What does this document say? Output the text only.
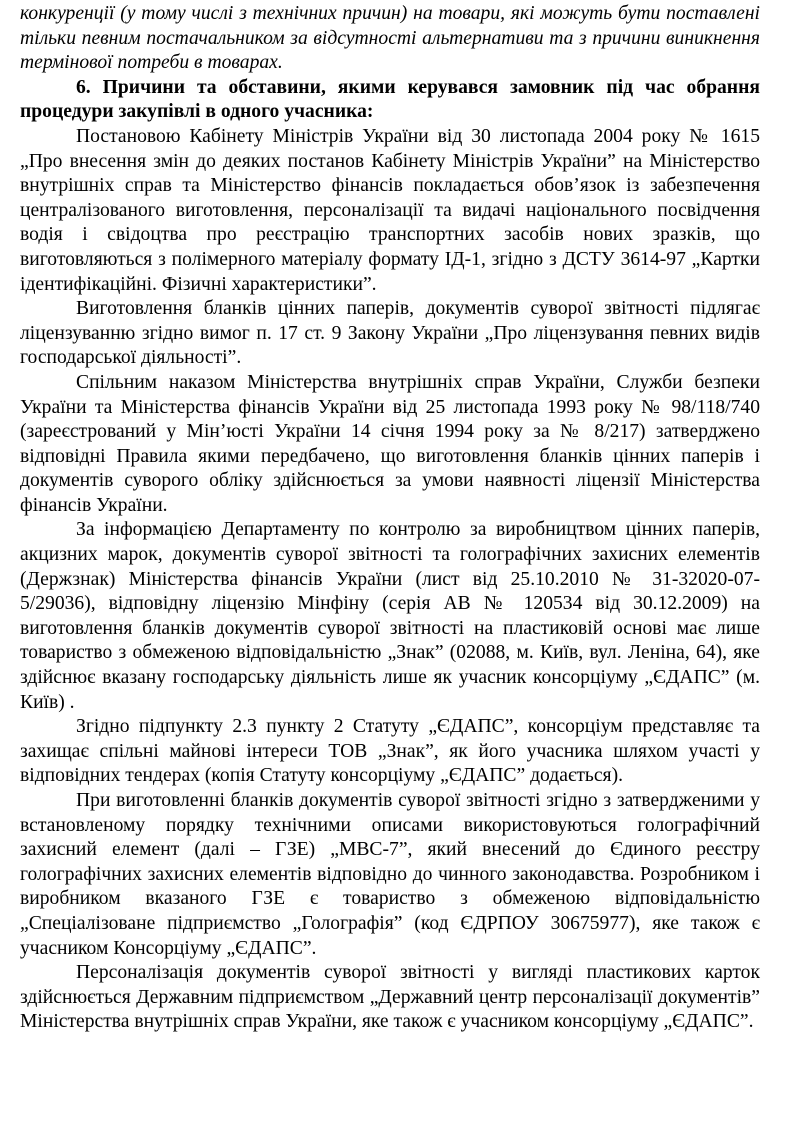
конкуренції (у тому числі з технічних причин) на товари, які можуть бути поставлені тільки певним постачальником за відсутності альтернативи та з причини виникнення термінової потреби в товарах.

6. Причини та обставини, якими керувався замовник під час обрання процедури закупівлі в одного учасника:

Постановою Кабінету Міністрів України від 30 листопада 2004 року № 1615 „Про внесення змін до деяких постанов Кабінету Міністрів України” на Міністерство внутрішніх справ та Міністерство фінансів покладається обов’язок із забезпечення централізованого виготовлення, персоналізації та видачі національного посвідчення водія і свідоцтва про реєстрацію транспортних засобів нових зразків, що виготовляються з полімерного матеріалу формату ІД-1, згідно з ДСТУ 3614-97 „Картки ідентифікаційні. Фізичні характеристики”.

Виготовлення бланків цінних паперів, документів суворої звітності підлягає ліцензуванню згідно вимог п. 17 ст. 9 Закону України „Про ліцензування певних видів господарської діяльності”.

Спільним наказом Міністерства внутрішніх справ України, Служби безпеки України та Міністерства фінансів України від 25 листопада 1993 року № 98/118/740 (зареєстрований у Мін’юсті України 14 січня 1994 року за № 8/217) затверджено відповідні Правила якими передбачено, що виготовлення бланків цінних паперів і документів суворого обліку здійснюється за умови наявності ліцензії Міністерства фінансів України.

За інформацією Департаменту по контролю за виробництвом цінних паперів, акцизних марок, документів суворої звітності та голографічних захисних елементів (Держзнак) Міністерства фінансів України (лист від 25.10.2010 № 31-32020-07-5/29036), відповідну ліцензію Мінфіну (серія АВ № 120534 від 30.12.2009) на виготовлення бланків документів суворої звітності на пластиковій основі має лише товариство з обмеженою відповідальністю „Знак” (02088, м. Київ, вул. Леніна, 64), яке здійснює вказану господарську діяльність лише як учасник консорціуму „ЄДАПС” (м. Київ) .

Згідно підпункту 2.3 пункту 2 Статуту „ЄДАПС”, консорціум представляє та захищає спільні майнові інтереси ТОВ „Знак”, як його учасника шляхом участі у відповідних тендерах (копія Статуту консорціуму „ЄДАПС” додається).

При виготовленні бланків документів суворої звітності згідно з затвердженими у встановленому порядку технічними описами використовуються голографічний захисний елемент (далі – ГЗЕ) „МВС-7”, який внесений до Єдиного реєстру голографічних захисних елементів відповідно до чинного законодавства. Розробником і виробником вказаного ГЗЕ є товариство з обмеженою відповідальністю „Спеціалізоване підприємство „Голографія” (код ЄДРПОУ 30675977), яке також є учасником Консорціуму „ЄДАПС”.

Персоналізація документів суворої звітності у вигляді пластикових карток здійснюється Державним підприємством „Державний центр персоналізації документів” Міністерства внутрішніх справ України, яке також є учасником консорціуму „ЄДАПС”.
